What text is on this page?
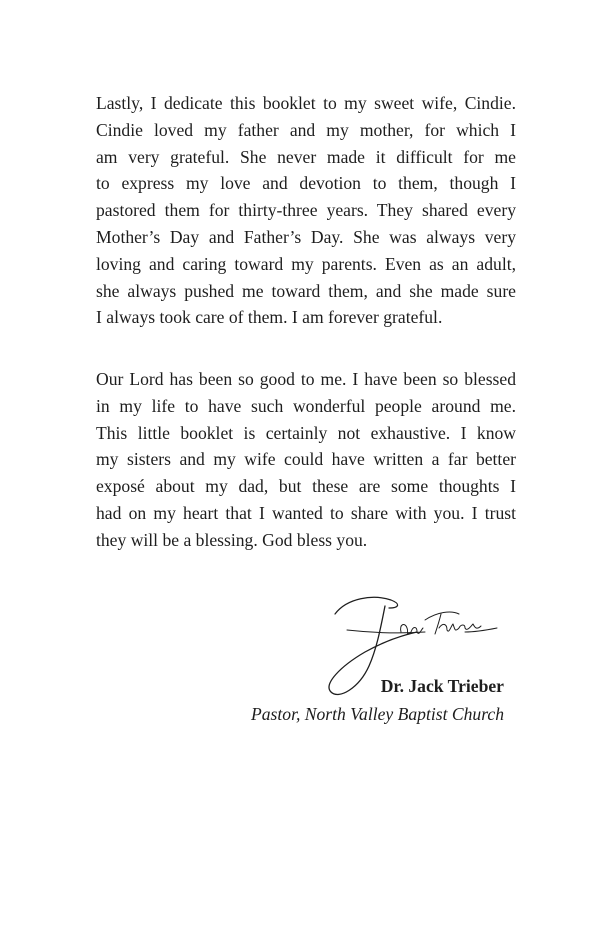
Lastly, I dedicate this booklet to my sweet wife, Cindie.
Cindie loved my father and my mother, for which I
am very grateful. She never made it difficult for me
to express my love and devotion to them, though I
pastored them for thirty-three years. They shared every
Mother’s Day and Father’s Day. She was always very
loving and caring toward my parents. Even as an adult,
she always pushed me toward them, and she made sure
I always took care of them. I am forever grateful.

Our Lord has been so good to me. I have been so blessed
in my life to have such wonderful people around me.
This little booklet is certainly not exhaustive. I know
my sisters and my wife could have written a far better
exposé about my dad, but these are some thoughts I
had on my heart that I wanted to share with you. I trust
they will be a blessing. God bless you.

Dr. Jack Trieber
Pastor, North Valley Baptist Church
